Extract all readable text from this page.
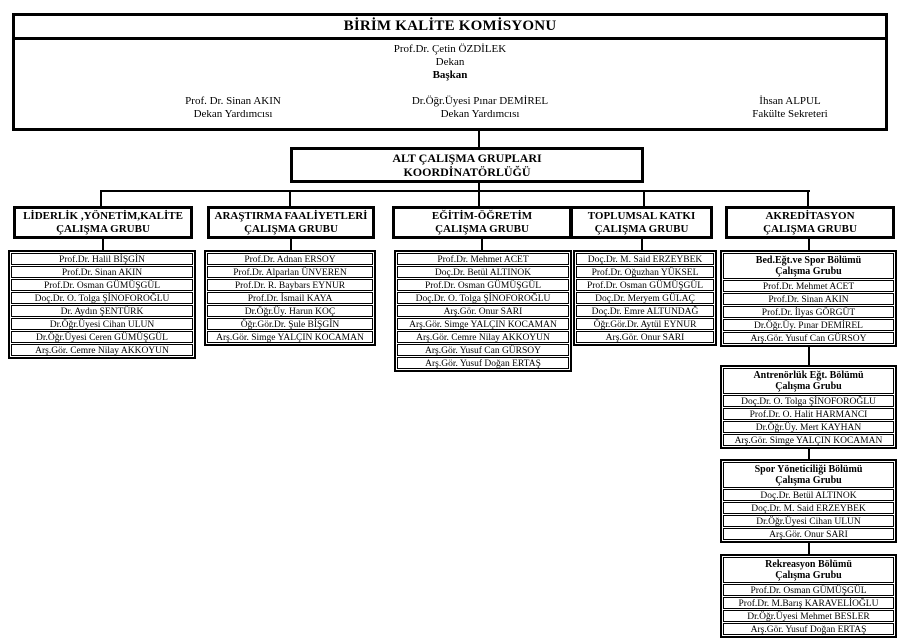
BİRİM KALİTE KOMİSYONU
Prof.Dr. Çetin ÖZDİLEK
Dekan
Başkan
Prof. Dr. Sinan AKIN
Dekan Yardımcısı
Dr.Öğr.Üyesi Pınar DEMİREL
Dekan Yardımcısı
İhsan ALPUL
Fakülte Sekreteri
ALT ÇALIŞMA GRUPLARI
KOORDİNATÖRLÜĞÜ
LİDERLİK ,YÖNETİM,KALİTE
ÇALIŞMA GRUBU
ARAŞTIRMA FAALİYETLERİ
ÇALIŞMA GRUBU
EĞİTİM-ÖĞRETİM
ÇALIŞMA GRUBU
TOPLUMSAL KATKI
ÇALIŞMA GRUBU
AKREDİTASYON
ÇALIŞMA GRUBU
Prof.Dr. Halil BİŞGİN
Prof.Dr. Sinan AKIN
Prof.Dr. Osman GÜMÜŞGÜL
Doç.Dr. O. Tolga ŞİNOFOROĞLU
Dr. Aydın ŞENTÜRK
Dr.Öğr.Üyesi Cihan ULUN
Dr.Öğr.Üyesi Ceren GÜMÜŞGÜL
Arş.Gör. Cemre Nilay AKKOYUN
Prof.Dr. Adnan ERSOY
Prof.Dr. Alparlan ÜNVEREN
Prof.Dr. R. Baybars EYNUR
Prof.Dr. İsmail KAYA
Dr.Öğr.Üy. Harun KOÇ
Öğr.Gör.Dr. Şule BİŞGİN
Arş.Gör. Simge YALÇIN KOCAMAN
Prof.Dr. Mehmet ACET
Doç.Dr. Betül ALTINOK
Prof.Dr. Osman GÜMÜŞGÜL
Doç.Dr. O. Tolga ŞİNOFOROĞLU
Arş.Gör. Onur SARI
Arş.Gör. Simge YALÇIN KOCAMAN
Arş.Gör. Cemre Nilay AKKOYUN
Arş.Gör. Yusuf Can GÜRSOY
Arş.Gör. Yusuf Doğan ERTAŞ
Doç.Dr. M. Said ERZEYBEK
Prof.Dr. Oğuzhan YÜKSEL
Prof.Dr. Osman GÜMÜŞGÜL
Doç.Dr. Meryem GÜLAÇ
Doç.Dr. Emre ALTUNDAĞ
Öğr.Gör.Dr. Aytül EYNUR
Arş.Gör. Onur SARI
Bed.Eğt.ve Spor Bölümü
Çalışma Grubu
Prof.Dr. Mehmet ACET
Prof.Dr. Sinan AKIN
Prof.Dr. İlyas GÖRGÜT
Dr.Öğr.Üy. Pınar DEMİREL
Arş.Gör. Yusuf Can GÜRSOY
Antrenörlük Eğt. Bölümü
Çalışma Grubu
Doç.Dr. O. Tolga ŞİNOFOROĞLU
Prof.Dr. O. Halit HARMANCI
Dr.Öğr.Üy. Mert KAYHAN
Arş.Gör. Simge YALÇIN KOCAMAN
Spor Yöneticiliği Bölümü
Çalışma Grubu
Doç.Dr. Betül ALTINOK
Doç.Dr. M. Said ERZEYBEK
Dr.Öğr.Üyesi Cihan ULUN
Arş.Gör. Onur SARI
Rekreasyon Bölümü
Çalışma Grubu
Prof.Dr. Osman GÜMÜŞGÜL
Prof.Dr. M.Barış KARAVELİOĞLU
Dr.Öğr.Üyesi Mehmet BESLER
Arş.Gör. Yusuf Doğan ERTAŞ
